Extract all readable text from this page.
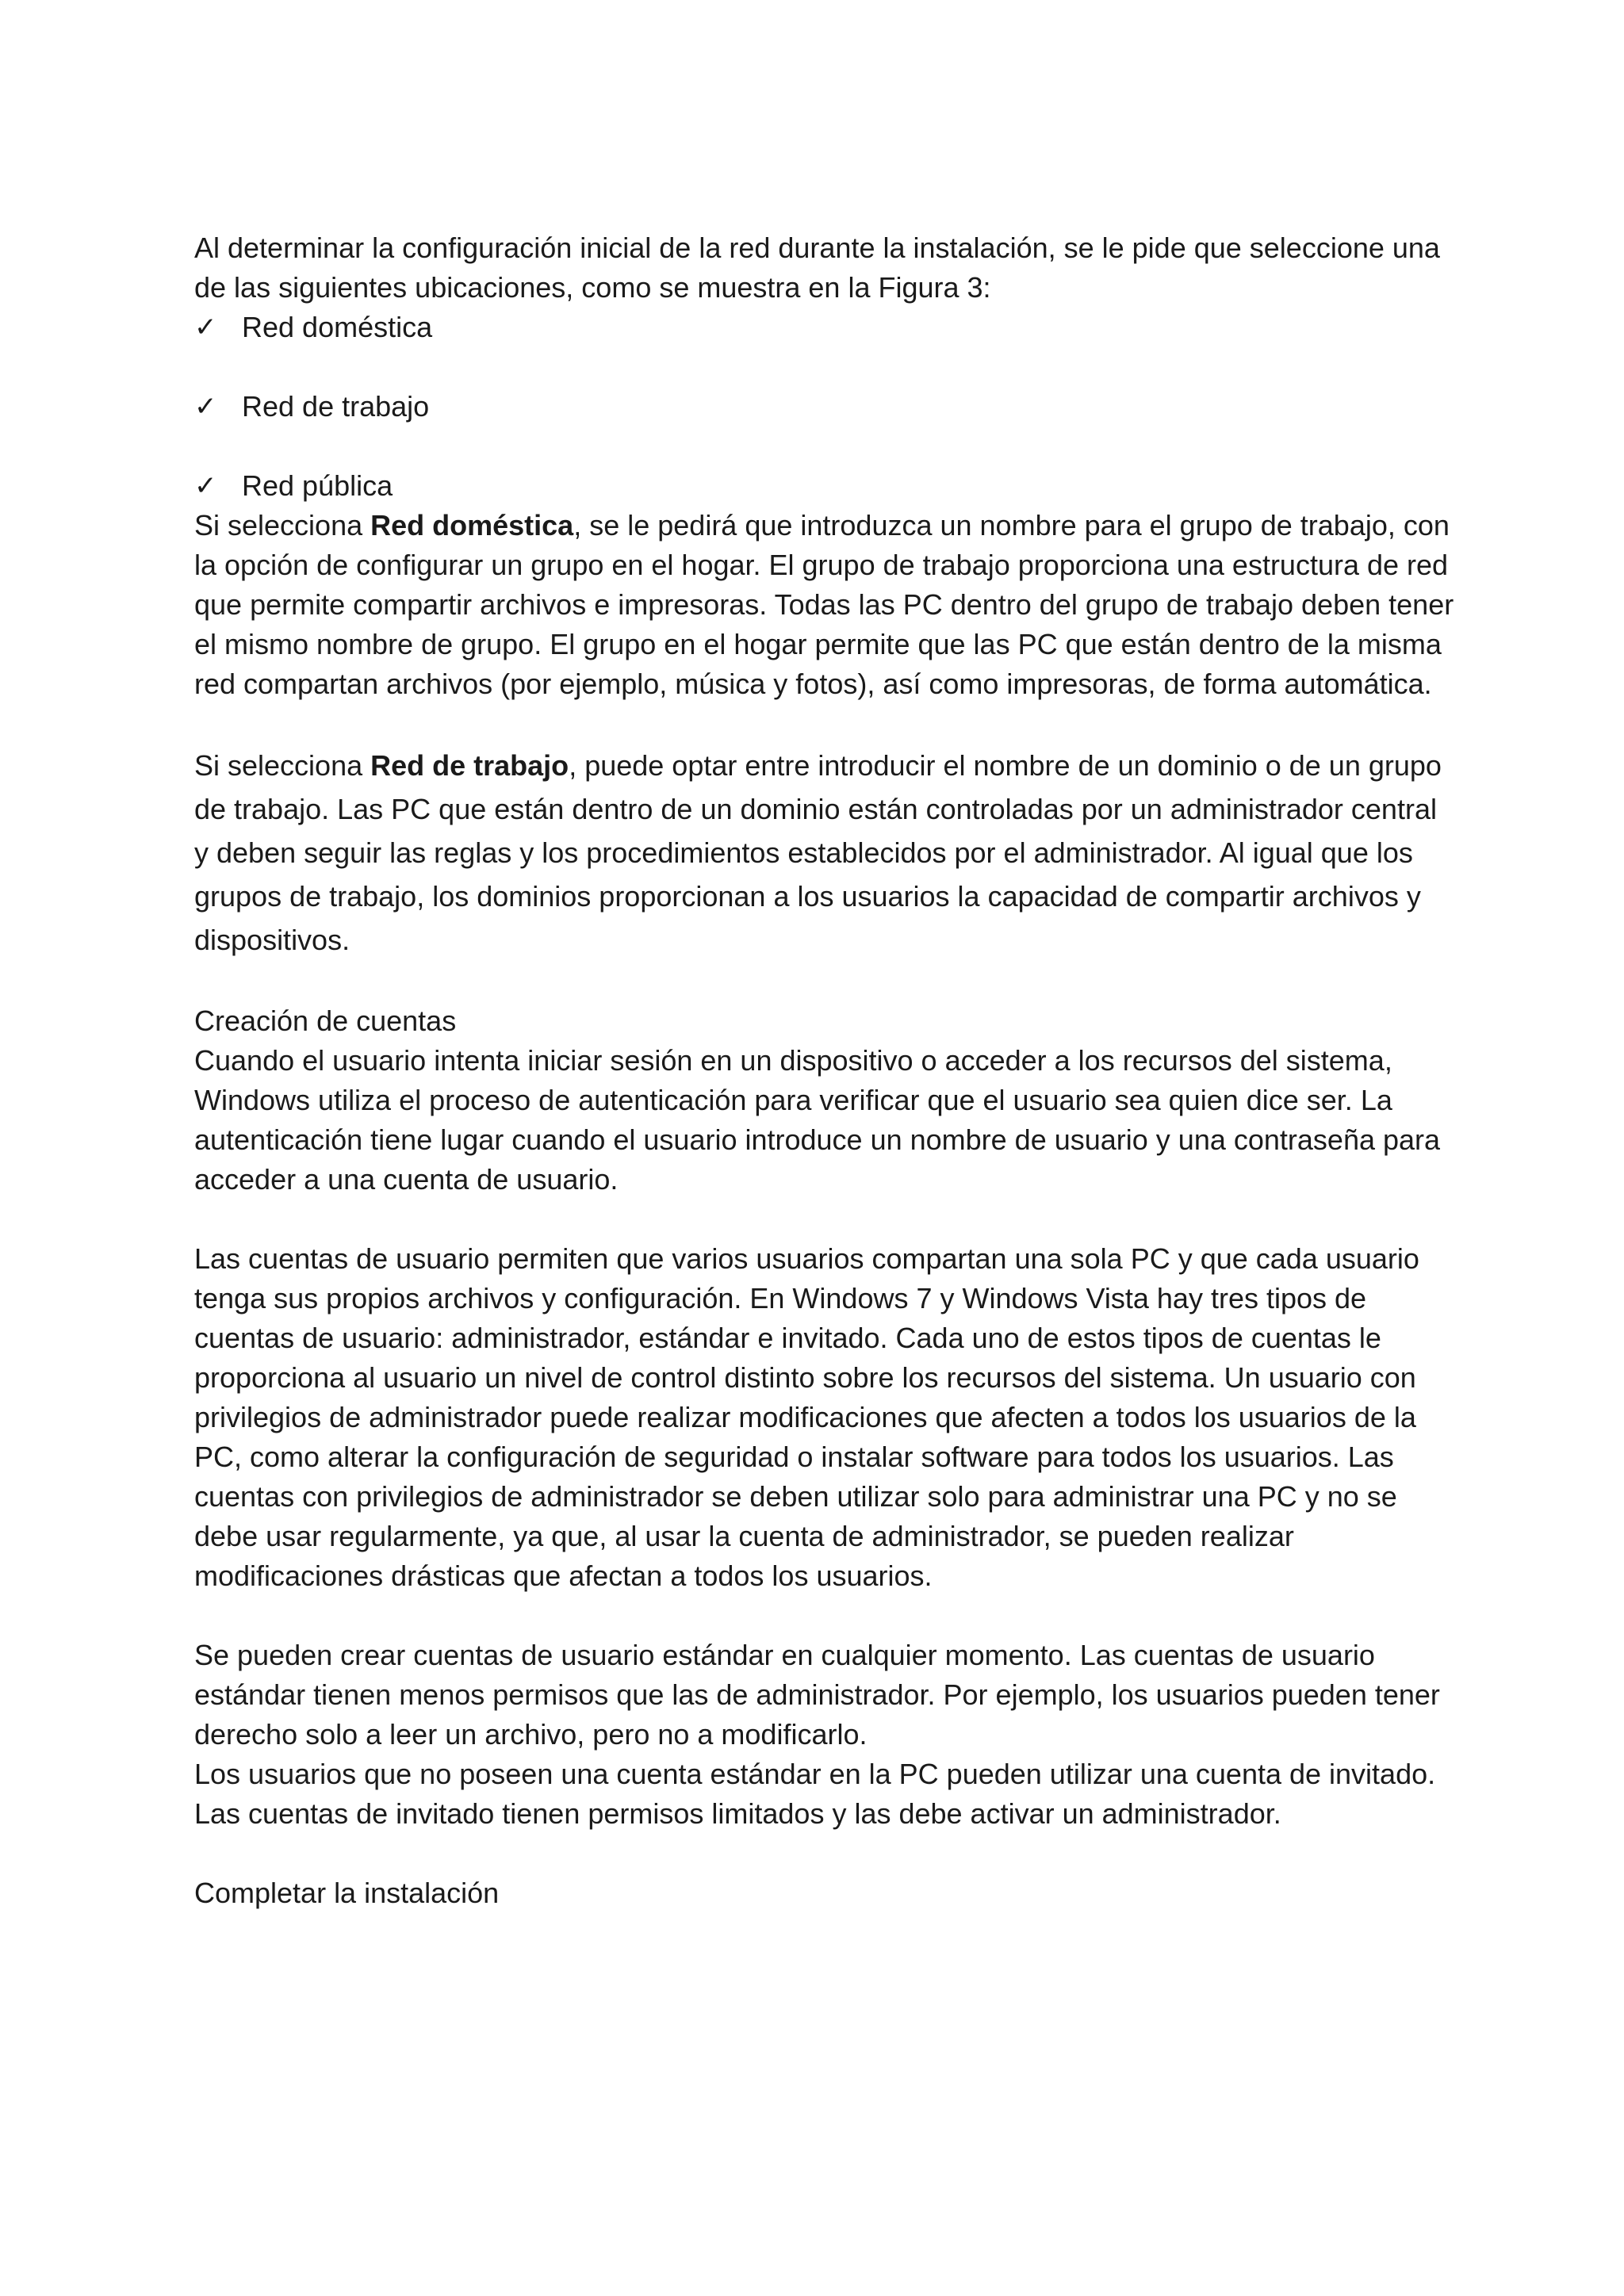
Al determinar la configuración inicial de la red durante la instalación, se le pide que seleccione una de las siguientes ubicaciones, como se muestra en la Figura 3:

✓ Red doméstica
✓ Red de trabajo
✓ Red pública

Si selecciona Red doméstica, se le pedirá que introduzca un nombre para el grupo de trabajo, con la opción de configurar un grupo en el hogar. El grupo de trabajo proporciona una estructura de red que permite compartir archivos e impresoras. Todas las PC dentro del grupo de trabajo deben tener el mismo nombre de grupo. El grupo en el hogar permite que las PC que están dentro de la misma red compartan archivos (por ejemplo, música y fotos), así como impresoras, de forma automática.

Si selecciona Red de trabajo, puede optar entre introducir el nombre de un dominio o de un grupo de trabajo. Las PC que están dentro de un dominio están controladas por un administrador central y deben seguir las reglas y los procedimientos establecidos por el administrador. Al igual que los grupos de trabajo, los dominios proporcionan a los usuarios la capacidad de compartir archivos y dispositivos.

Creación de cuentas

Cuando el usuario intenta iniciar sesión en un dispositivo o acceder a los recursos del sistema, Windows utiliza el proceso de autenticación para verificar que el usuario sea quien dice ser. La autenticación tiene lugar cuando el usuario introduce un nombre de usuario y una contraseña para acceder a una cuenta de usuario.

Las cuentas de usuario permiten que varios usuarios compartan una sola PC y que cada usuario tenga sus propios archivos y configuración. En Windows 7 y Windows Vista hay tres tipos de cuentas de usuario: administrador, estándar e invitado. Cada uno de estos tipos de cuentas le proporciona al usuario un nivel de control distinto sobre los recursos del sistema. Un usuario con privilegios de administrador puede realizar modificaciones que afecten a todos los usuarios de la PC, como alterar la configuración de seguridad o instalar software para todos los usuarios. Las cuentas con privilegios de administrador se deben utilizar solo para administrar una PC y no se debe usar regularmente, ya que, al usar la cuenta de administrador, se pueden realizar modificaciones drásticas que afectan a todos los usuarios.

Se pueden crear cuentas de usuario estándar en cualquier momento. Las cuentas de usuario estándar tienen menos permisos que las de administrador. Por ejemplo, los usuarios pueden tener derecho solo a leer un archivo, pero no a modificarlo.

Los usuarios que no poseen una cuenta estándar en la PC pueden utilizar una cuenta de invitado. Las cuentas de invitado tienen permisos limitados y las debe activar un administrador.

Completar la instalación
